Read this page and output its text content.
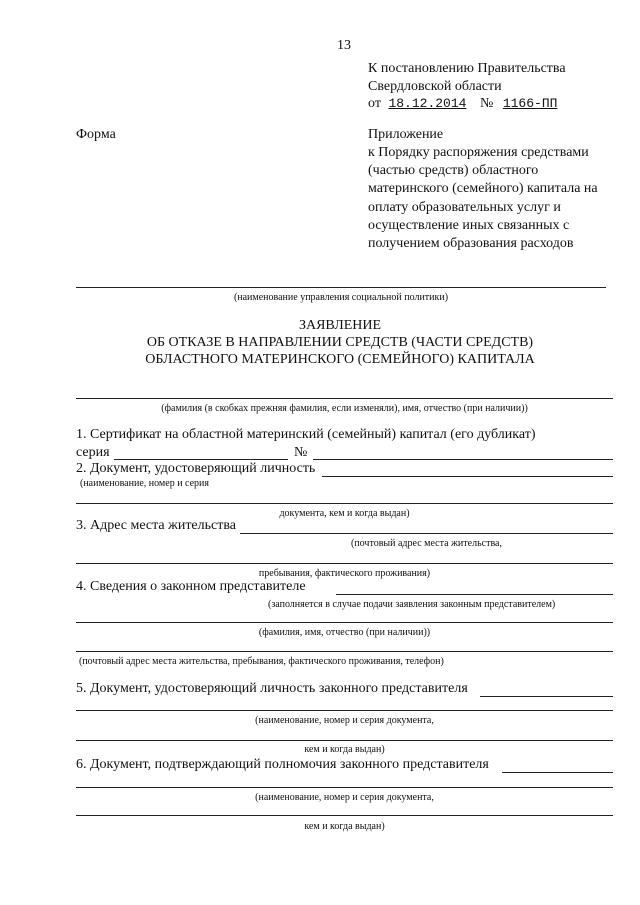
13
К постановлению Правительства
Свердловской области
от 18.12.2014 № 1166-ПП
Форма	Приложение
к Порядку распоряжения средствами
(частью средств) областного
материнского (семейного) капитала на
оплату образовательных услуг и
осуществление иных связанных с
получением образования расходов
(наименование управления социальной политики)
ЗАЯВЛЕНИЕ
ОБ ОТКАЗЕ В НАПРАВЛЕНИИ СРЕДСТВ (ЧАСТИ СРЕДСТВ)
ОБЛАСТНОГО МАТЕРИНСКОГО (СЕМЕЙНОГО) КАПИТАЛА
(фамилия (в скобках прежняя фамилия, если изменяли), имя, отчество (при наличии))
1. Сертификат на областной материнский (семейный) капитал (его дубликат)
серия	№
2. Документ, удостоверяющий личность
(наименование, номер и серия
документа, кем и когда выдан)
3. Адрес места жительства
(почтовый адрес места жительства,
пребывания, фактического проживания)
4. Сведения о законном представителе
(заполняется в случае подачи заявления законным представителем)
(фамилия, имя, отчество (при наличии))
(почтовый адрес места жительства, пребывания, фактического проживания, телефон)
5. Документ, удостоверяющий личность законного представителя
(наименование, номер и серия документа,
кем и когда выдан)
6. Документ, подтверждающий полномочия законного представителя
(наименование, номер и серия документа,
кем и когда выдан)
